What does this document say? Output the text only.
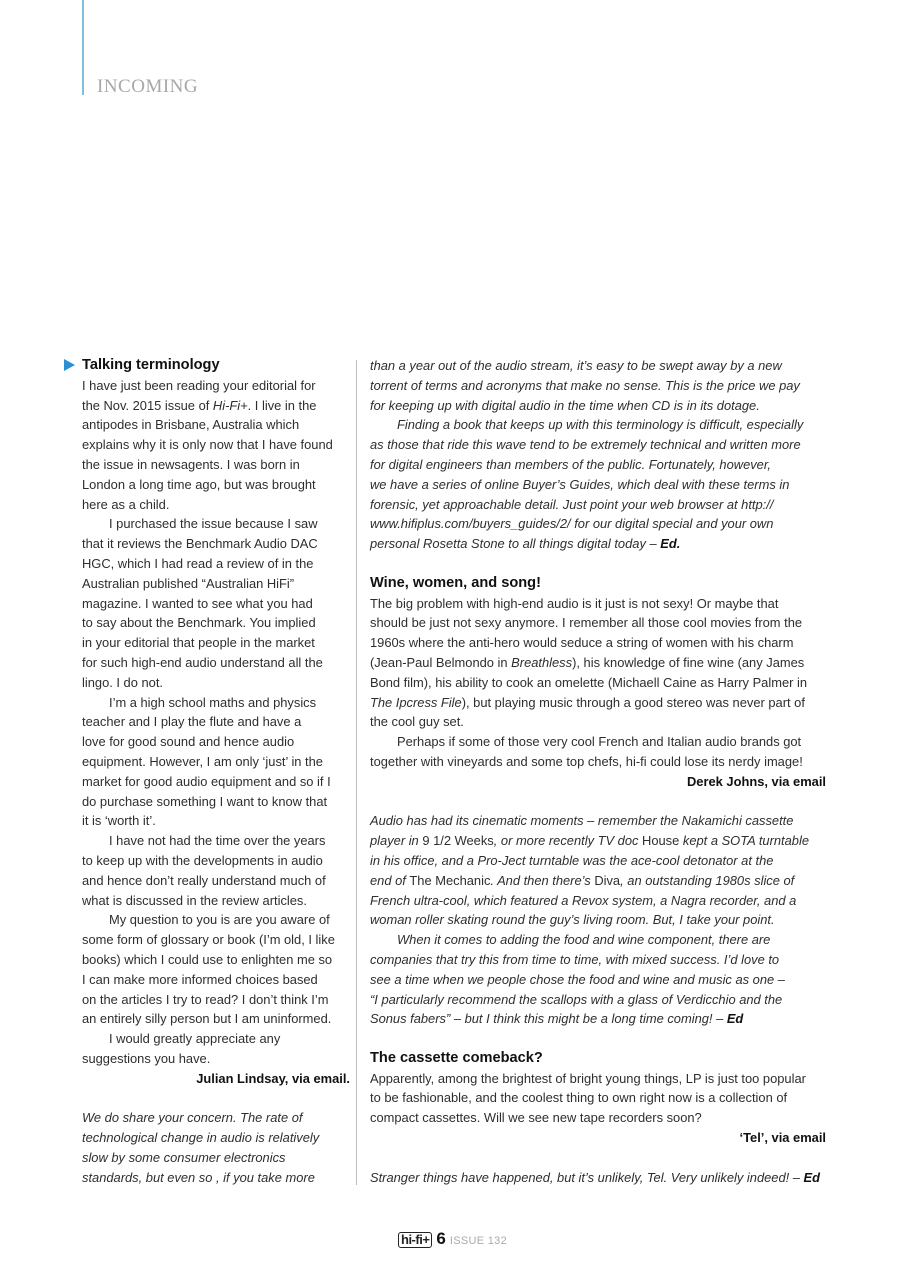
INCOMING
Talking terminology
I have just been reading your editorial for
the Nov. 2015 issue of Hi-Fi+. I live in the
antipodes in Brisbane, Australia which
explains why it is only now that I have found
the issue in newsagents. I was born in
London a long time ago, but was brought
here as a child.
I purchased the issue because I saw
that it reviews the Benchmark Audio DAC
HGC, which I had read a review of in the
Australian published “Australian HiFi”
magazine. I wanted to see what you had
to say about the Benchmark. You implied
in your editorial that people in the market
for such high-end audio understand all the
lingo. I do not.
I’m a high school maths and physics
teacher and I play the flute and have a
love for good sound and hence audio
equipment. However, I am only ‘just’ in the
market for good audio equipment and so if I
do purchase something I want to know that
it is ‘worth it’.
I have not had the time over the years
to keep up with the developments in audio
and hence don’t really understand much of
what is discussed in the review articles.
My question to you is are you aware of
some form of glossary or book (I’m old, I like
books) which I could use to enlighten me so
I can make more informed choices based
on the articles I try to read? I don’t think I’m
an entirely silly person but I am uninformed.
I would greatly appreciate any
suggestions you have.
Julian Lindsay, via email.
We do share your concern. The rate of
technological change in audio is relatively
slow by some consumer electronics
standards, but even so , if you take more
than a year out of the audio stream, it’s easy to be swept away by a new
torrent of terms and acronyms that make no sense. This is the price we pay
for keeping up with digital audio in the time when CD is in its dotage.
Finding a book that keeps up with this terminology is difficult, especially
as those that ride this wave tend to be extremely technical and written more
for digital engineers than members of the public. Fortunately, however,
we have a series of online Buyer’s Guides, which deal with these terms in
forensic, yet approachable detail. Just point your web browser at http://
www.hifiplus.com/buyers_guides/2/ for our digital special and your own
personal Rosetta Stone to all things digital today – Ed.
Wine, women, and song!
The big problem with high-end audio is it just is not sexy! Or maybe that
should be just not sexy anymore. I remember all those cool movies from the
1960s where the anti-hero would seduce a string of women with his charm
(Jean-Paul Belmondo in Breathless), his knowledge of fine wine (any James
Bond film), his ability to cook an omelette (Michaell Caine as Harry Palmer in
The Ipcress File), but playing music through a good stereo was never part of
the cool guy set.
Perhaps if some of those very cool French and Italian audio brands got
together with vineyards and some top chefs, hi-fi could lose its nerdy image!
Derek Johns, via email
Audio has had its cinematic moments – remember the Nakamichi cassette
player in 9 1/2 Weeks, or more recently TV doc House kept a SOTA turntable
in his office, and a Pro-Ject turntable was the ace-cool detonator at the
end of The Mechanic. And then there’s Diva, an outstanding 1980s slice of
French ultra-cool, which featured a Revox system, a Nagra recorder, and a
woman roller skating round the guy’s living room. But, I take your point.
When it comes to adding the food and wine component, there are
companies that try this from time to time, with mixed success. I’d love to
see a time when we people chose the food and wine and music as one –
“I particularly recommend the scallops with a glass of Verdicchio and the
Sonus fabers” – but I think this might be a long time coming! – Ed
The cassette comeback?
Apparently, among the brightest of bright young things, LP is just too popular
to be fashionable, and the coolest thing to own right now is a collection of
compact cassettes. Will we see new tape recorders soon?
‘Tel’, via email
Stranger things have happened, but it’s unlikely, Tel. Very unlikely indeed! – Ed
hi-fi+ 6 ISSUE 132
